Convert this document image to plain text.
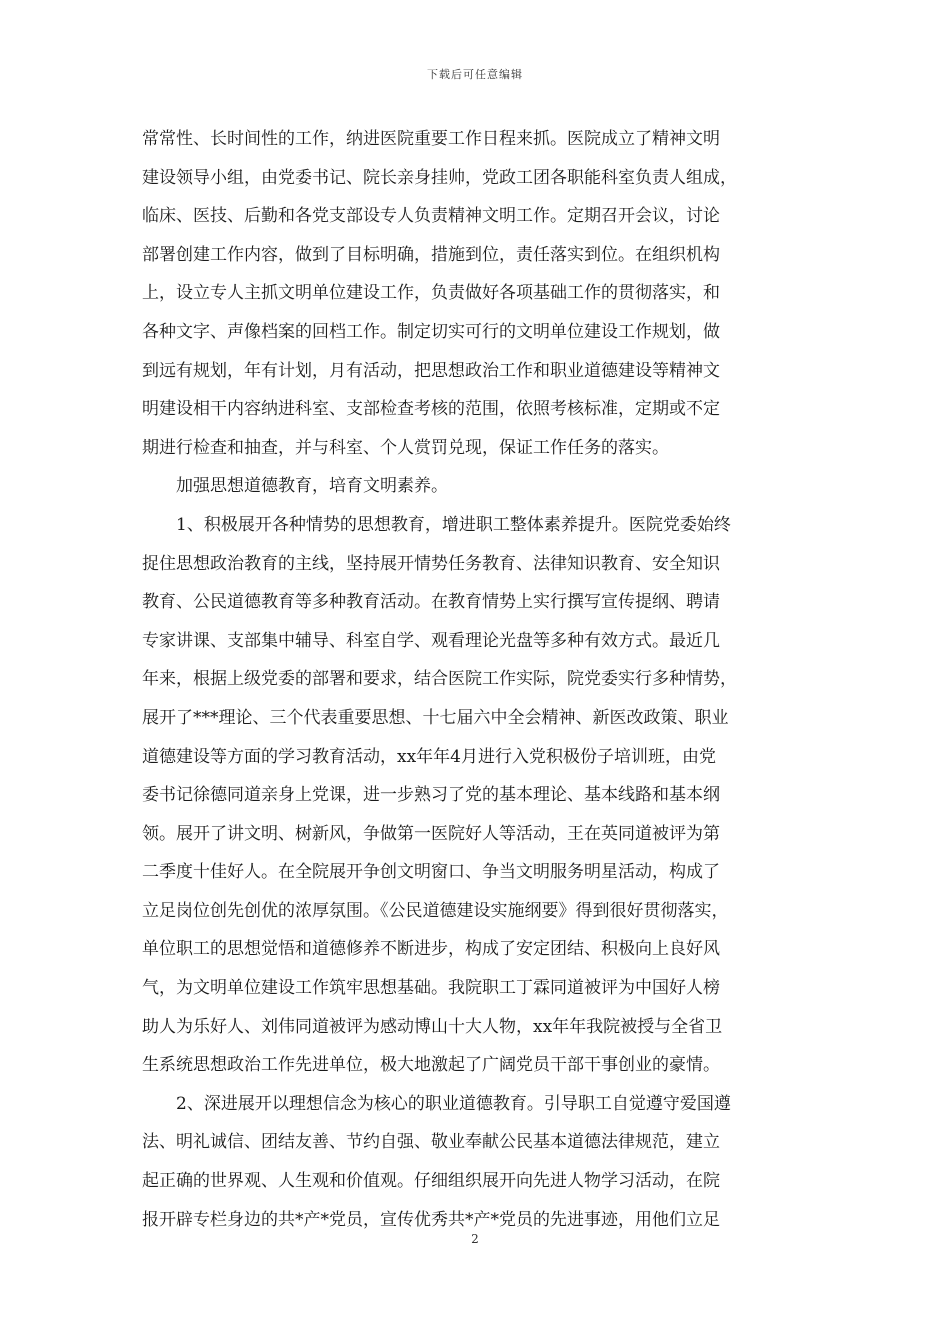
下载后可任意编辑
常常性、长时间性的工作，纳进医院重要工作日程来抓。医院成立了精神文明
建设领导小组，由党委书记、院长亲身挂帅，党政工团各职能科室负责人组成，
临床、医技、后勤和各党支部设专人负责精神文明工作。定期召开会议，讨论
部署创建工作内容，做到了目标明确，措施到位，责任落实到位。在组织机构
上，设立专人主抓文明单位建设工作，负责做好各项基础工作的贯彻落实，和
各种文字、声像档案的回档工作。制定切实可行的文明单位建设工作规划，做
到远有规划，年有计划，月有活动，把思想政治工作和职业道德建设等精神文
明建设相干内容纳进科室、支部检查考核的范围，依照考核标准，定期或不定
期进行检查和抽查，并与科室、个人赏罚兑现，保证工作任务的落实。
加强思想道德教育，培育文明素养。
1、积极展开各种情势的思想教育，增进职工整体素养提升。医院党委始终
捉住思想政治教育的主线，坚持展开情势任务教育、法律知识教育、安全知识
教育、公民道德教育等多种教育活动。在教育情势上实行撰写宣传提纲、聘请
专家讲课、支部集中辅导、科室自学、观看理论光盘等多种有效方式。最近几
年来，根据上级党委的部署和要求，结合医院工作实际，院党委实行多种情势，
展开了***理论、三个代表重要思想、十七届六中全会精神、新医改政策、职业
道德建设等方面的学习教育活动，xx年年4月进行入党积极份子培训班，由党
委书记徐德同道亲身上党课，进一步熟习了党的基本理论、基本线路和基本纲
领。展开了讲文明、树新风，争做第一医院好人等活动，王在英同道被评为第
二季度十佳好人。在全院展开争创文明窗口、争当文明服务明星活动，构成了
立足岗位创先创优的浓厚氛围。《公民道德建设实施纲要》得到很好贯彻落实，
单位职工的思想觉悟和道德修养不断进步，构成了安定团结、积极向上良好风
气，为文明单位建设工作筑牢思想基础。我院职工丁霖同道被评为中国好人榜
助人为乐好人、刘伟同道被评为感动博山十大人物，xx年年我院被授与全省卫
生系统思想政治工作先进单位，极大地激起了广阔党员干部干事创业的豪情。
2、深进展开以理想信念为核心的职业道德教育。引导职工自觉遵守爱国遵
法、明礼诚信、团结友善、节约自强、敬业奉献公民基本道德法律规范，建立
起正确的世界观、人生观和价值观。仔细组织展开向先进人物学习活动，在院
报开辟专栏身边的共*产*党员，宣传优秀共*产*党员的先进事迹，用他们立足
2
